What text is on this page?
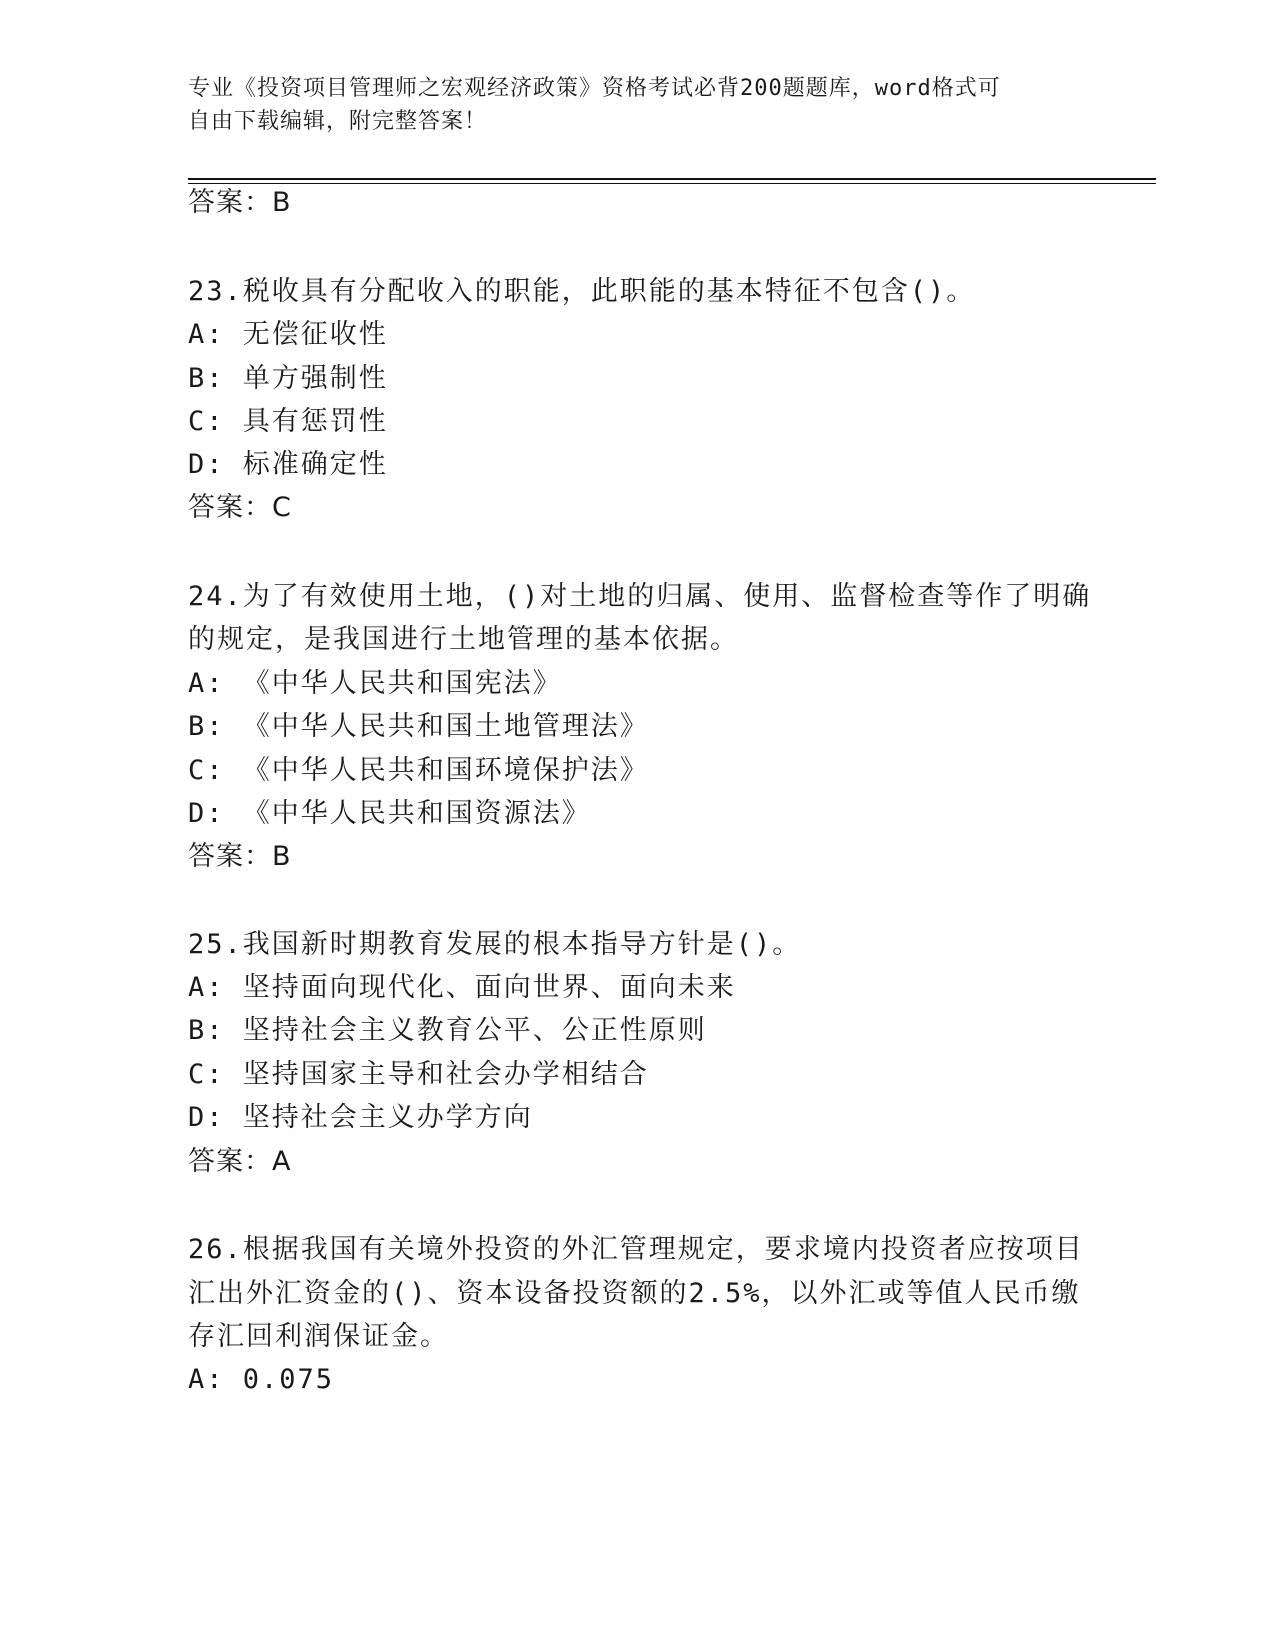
专业《投资项目管理师之宏观经济政策》资格考试必背200题题库，word格式可
自由下载编辑，附完整答案！
答案：B
23.税收具有分配收入的职能，此职能的基本特征不包含()。
A: 无偿征收性
B: 单方强制性
C: 具有惩罚性
D: 标准确定性
答案：C
24.为了有效使用土地，()对土地的归属、使用、监督检查等作了明确
的规定，是我国进行土地管理的基本依据。
A: 《中华人民共和国宪法》
B: 《中华人民共和国土地管理法》
C: 《中华人民共和国环境保护法》
D: 《中华人民共和国资源法》
答案：B
25.我国新时期教育发展的根本指导方针是()。
A: 坚持面向现代化、面向世界、面向未来
B: 坚持社会主义教育公平、公正性原则
C: 坚持国家主导和社会办学相结合
D: 坚持社会主义办学方向
答案：A
26.根据我国有关境外投资的外汇管理规定，要求境内投资者应按项目
汇出外汇资金的()、资本设备投资额的2.5%，以外汇或等值人民币缴
存汇回利润保证金。
A: 0.075
